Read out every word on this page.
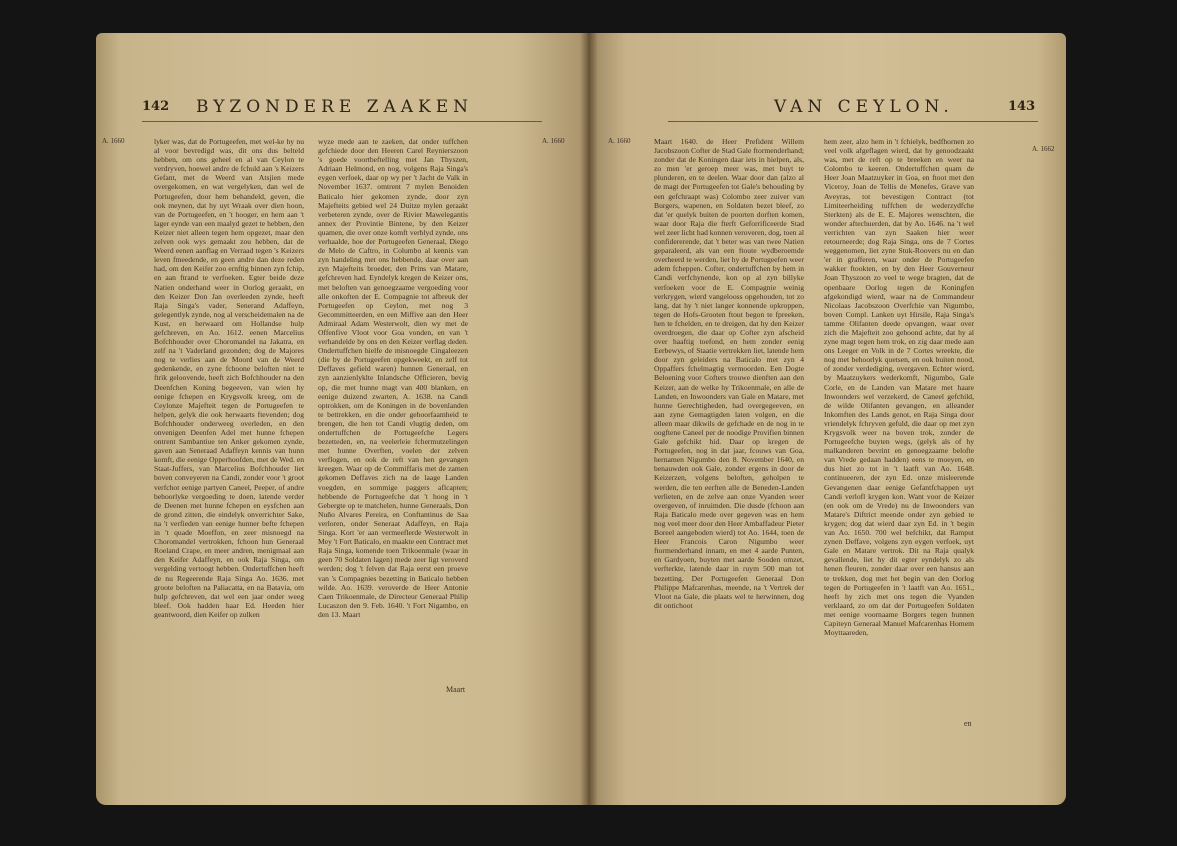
142 BYZONDERE ZAAKEN
A. 1660	A. 1660
lyker was, dat de Portugeefen, met wel-ke hy nu al voor bevredigd was, dit ons dus belteld hebben, om ons geheel en al van Ceylon te verdryven, hoewel andre de fchuld aan 's Keizers Gefant, met de Weerd van Atsjien mede overgekomen, en wat vergelyken, dan wel de Portugeefen, door hem behandeld, geven, die ook meynen, dat hy uyt Wraak over dien hoon, van de Portugeefen, en 't hooger, en hem aan 't lager eynde van een maalyd gezet te hebben, den Keizer niet alleen tegen hem opgezet, maar den zelven ook wys gemaakt zou hebben, dat de Weerd eenen aanflag en Verraad tegen 's Keizers leven fmeedende, en geen andre dan deze reden had, om den Keifer zoo ernftig binnen zyn fchip, en aan ftrand te verfoeken. Egter beide deze Natien onderhand weer in Oorlog geraakt, en den Keizer Don Jan overleeden zynde, heeft Raja Singa's vader, Senerand Adaffeyn, gelegentlyk zynde, nog al verscheidemalen na de Kust, en herwaard om Hollandse hulp gefchreven, en Ao. 1612. eenen Marcelius Bofchhouder over Choromandel na Jakatra, en zelf na 't Vaderland gezonden; dog de Majores nog te verlies aan de Moord van de Weerd gedenkende, en zyne fchoone beloften niet te ftrik geloovende, heeft zich Bofchhouder na den Deenfchen Koning begeeven, van wien hy eenige fchepen en Krygsvolk kreeg, om de Ceylonze Majefteit tegen de Portugeefen te helpen, gelyk die ook herwaarts ftevenden; dog Bofchhouder onderweeg overleden, en den onvenigen Deenfen Adel met hunne fchepen ontrent Sambantiue ten Anker gekomen zynde, gaven aan Seneraad Adaffeyn kennis van hunn komft, die eenige Opperhoofden, met de Wed. en Staat-Juffers, van Marcelius Bofchhouder liet boven conveyeren na Candi, zonder voor 't groot verfchot eenige partyen Caneel, Peeper, of andre behoorlyke vergoeding te doen, latende verder de Deenen met hunne fchepen en eysfchen aan de grond zitten, die eindelyk onverrichter Sake, na 't verfieden van eenige hunner befte fchepen in 't quade Moeffon, en zeer misnoegd na Choromandel vertrokken, fchoon hun Generaal Roeland Crape, en meer andren, menigmaal aan den Keifer Adaffeyn, en ook Raja Singa, om vergelding vertoogt hebben. Ondertuffchen heeft de nu Regeerende Raja Singa Ao. 1636. met groote beloften na Paliacatta, en na Batavia, om hulp gefchreven, dat wel een jaar onder weeg bleef. Ook hadden haar Ed. Heeden hier geantwoord, dien Keifer op zulken
wyze mede aan te zaeken, dat onder tuffchen gefchiede door den Heeren Carel Reynierszoon 's goede voortbeftelling met Jan Thyszen, Adriaan Helmond, en nog, volgens Raja Singa's eygen verfoek, daar op wy per 't Jacht de Valk in November 1637. omtrent 7 mylen Benoiden Baticalo hier gekomen zynde, door zyn Majefteits gebied wel 24 Duitze mylen geraakt verbeteren zynde, over de Rivier Mawelegantis annex der Provintie Bintene, by den Keizer quamen, die over onze komft verblyd zynde, ons verhaalde, hoe der Portugeefen Generaal, Diego de Melo de Caftro, in Columbo al kennis van zyn handeling met ons hebbende, daar over aan zyn Majefteits broeder, den Prins van Matare, gefchreven had. Eyndelyk kregen de Keizer ons, met beloften van genoegzaame vergoeding voor alle onkoften der E. Compagnie tot afbreuk der Portugeefen op Ceylon, met nog 3 Gecommitteerden, en een Miffive aan den Heer Admiraal Adam Westerwolt, dien wy met de Offenfive Vloot voor Goa vonden, en van 't verhandelde by ons en den Keizer verflag deden. Ondertuffchen hielfe de misnoegde Cingaleezen (die by de Portugeefen opgekweekt, en zelf tot Deffaves gefield waren) hunnen Generaal, en zyn aanzienlyklte Inlandsche Officieren, bevig op, die met hunne magt van 400 blanken, en eenige duizend zwarten, A. 1638. na Candi optrokken, om de Koningen in de bovenlanden te bettrekken, en die onder gehoorfaamheid te brengen, die hen tot Candi vlugtig deden, om ondertuffchen de Portugeefche Legers bezetteden, en, na veelerleie fchermutzelingen met hunne Overften, voelen der zelven verflogen, en ook de reft van hen gevangen kreegen. Waar op de Commiffaris met de zamen gekomen Deffaves zich na de laage Landen voegden, en sommige paggers aflcapten; hebbende de Portugeefche dat 't hoog in 't Gebergte op te matchelen, hunne Generaals, Don Nuño Alvares Pereira, en Conftantinus de Saa verloren, onder Seneraat Adaffeyn, en Raja Singa. Kort 'er aan vermeeflerde Westerwolt in Mey 't Fort Baticalo, en maakte een Contract met Raja Singa, komende toen Trikoenmale (waar in geen 70 Soldaten lagen) mede zeer ligt veroverd werden; dog 't felven dat Raja eerst een proeve van 's Compagnies bezetting in Baticalo hebben wilde. Ao. 1639. veroverde de Heer Antonie Caen Trikoenmale, de Directeur Generaal Philip Lucaszon den 9. Feb. 1640. 't Fort Nigambo, en den 13. Maart
Maart
VAN CEYLON.	143
A. 1660
A. 1662
Maart 1640. de Heer Prefident Willem Jacobszoon Cofter de Stad Gale ftormenderhand; zonder dat de Koningen daar iets in hielpen, als, zo men 'er geroep meer was, met buyt te plunderen, en te deelen. Waar door dan (alzo al de magt der Portugeefen tot Gale's behouding by een gefchraapt was) Colombo zeer zuiver van Burgers, wapenen, en Soldaten bezet bleef, zo dat 'er quelyk buiten de poorten dorften komen, waar door Raja die fterft Geforrificeerde Stad wel zeer licht had konnen veroveren, dog, toen al confidererende, dat 't beter was van twee Natien geparaleerd, als van een ftoute wydberoemde overheerd te werden, liet hy de Portugeefen weer adem fcheppen. Cofter, ondertuffchen by hem in Candi verfchynende, kon op al zyn billyke verfoeken voor de E. Compagnie weinig verkrygen, wierd vangelooss opgehouden, tot zo lang, dat hy 't niet langer konnende opkroppen, tegen de Hofs-Grooten ftout begon te fpreeken, hen te fchelden, en te dreigen, dat hy den Keizer overdroegen, die daar op Cofter zyn afscheid over haaftig toefond, en hem zonder eenig Eerbewys, of Staatie vertrekken liet, latende hem door zyn geleiders na Baticalo met zyn 4 Oppaffers fchelmagtig vermoorden. Een Dogte Beloening voor Cofters trouwe dienften aan den Keizer, aan de welke hy Trikoenmale, en alle de Landen, en Inwoonders van Gale en Matare, met hunne Gerechtigheden, had overgegeeven, en aan zyne Gemagtigden laten volgen, en die alleen maar dikwils de gefchade en de nog in te oogftene Caneel per de noodige Provifien binnen Gale gefchikt hid. Daar op kregen de Portugeefen, nog in dat jaar, fcouws van Goa, hernamen Nigumbo den 8. November 1640, en benauwden ook Gale, zonder ergens in door de Keizerzen, volgens beloften, geholpen te werden, die ten eerften alle de Beneden-Landen verlieten, en de zelve aan onze Vyanden weer overgeven, of inruimden. Die dusde (fchoon aan Raja Baticalo mede over gegeven was en hem nog veel meer door den Heer Ambaffadeur Pieter Boreel aangeboden wierd) tot Ao. 1644, toen de Heer Francois Caron Nigumbo weer ftormenderhand innam, en met 4 aarde Punten, en Gardyoen, buyten met aarde Sooden omzet, verfterkte, latende daar in ruym 500 man tot bezetting. Der Portugeefen Generaal Don Philippe Mafcarenhas, meende, na 't Vertrek der Vloot na Gale, die plaats wel te herwinnen, dog dit ontichoot
hem zeer, alzo hem in 't fchielyk, bedfhornen zo veel volk afgeflagen wierd, dat hy genoodzaakt was, met de reft op te breeken en weer na Colombo te keeren. Ondertuffchen quam de Heer Joan Maatzuyker in Goa, en ftoot met den Viceroy, Joan de Tellis de Menefes, Grave van Aveyras, tot bevestigen Contract (tot Limiteerheiding tuffchen de wederzydfche Sterkten) als de E. E. Majores wenschten, die wonder aftechuerden, dat by Ao. 1646. na 't wel verrichten van zyn Saaken hier weer retourneerde; dog Raja Singa, ons de 7 Cortes weggenomen, liet zyne Stuk-Roovers nu en dan 'er in grafferen, waar onder de Portugeefen wakker ftookten, en by den Heer Gouverneur Joan Thyszoon zo veel te wege bragten, dat de openbaare Oorlog tegen de Koningfen afgekondigd wierd, waar na de Commandeur Nicolaas Jacobszoon Overfchie van Nigumbo, boven Compl. Lanken uyt Hirsile, Raja Singa's tamme Olifanten deede opvangen, waar over zich die Majefteit zoo gehoond achte, dat hy al zyne magt tegen hem trok, en zig daar mede aan ons Leeger en Volk in de 7 Cortes wreekte, die nog met behoorlyk quetsen, en ook buiten nood, of zonder verdediging, overgaven. Echter wierd, by Maatzuykers wederkomft, Nigumbo, Gale Corle, en de Landen van Matare met haare Inwoonders wel verzekerd, de Caneel gefchild, de wilde Olifanten gevangen, en alleander Inkomften des Lands genot, en Raja Singa door vriendelyk fchryven gefuld, die daar op met zyn Krygsvolk weer na boven trok, zonder de Portugeefche buyten wegs, (gelyk als of hy malkanderen bevrint en genoegzaame belofte van Vrede gedaan hadden) eens te moeyen, en dus hiet zo tot in 't laatft van Ao. 1648. continueeren, der zyn Ed. onze misleerende Gevangenen daar eenige Gefantfchappen uyt Candi verlofl krygen kon. Want voor de Keizer (en ook om de Vrede) nu de Inwoonders van Matare's Diftrict meende onder zyn gebied te krygen; dog dat wierd daar zyn Ed. in 't begin van Ao. 1650. 700 wel befchikt, dat Ramput zynen Deffave, volgens zyn eygen verfoek, uyt Gale en Matare vertrok. Dit na Raja qualyk gevallende, liet hy dit egter eyndelyk zo als henen fleuren, zonder daar over een hansus aan te trekken, dog met het begin van den Oorlog tegen de Portugeefen in 't laatft van Ao. 1651., heeft hy zich met ons tegen die Vyanden verklaard, zo om dat der Portugeefen Soldaten met eenige voornaame Borgers tegen hunnen Capiteyn Generaal Manuel Mafcarenhas Homem Moyttaareden,
en
